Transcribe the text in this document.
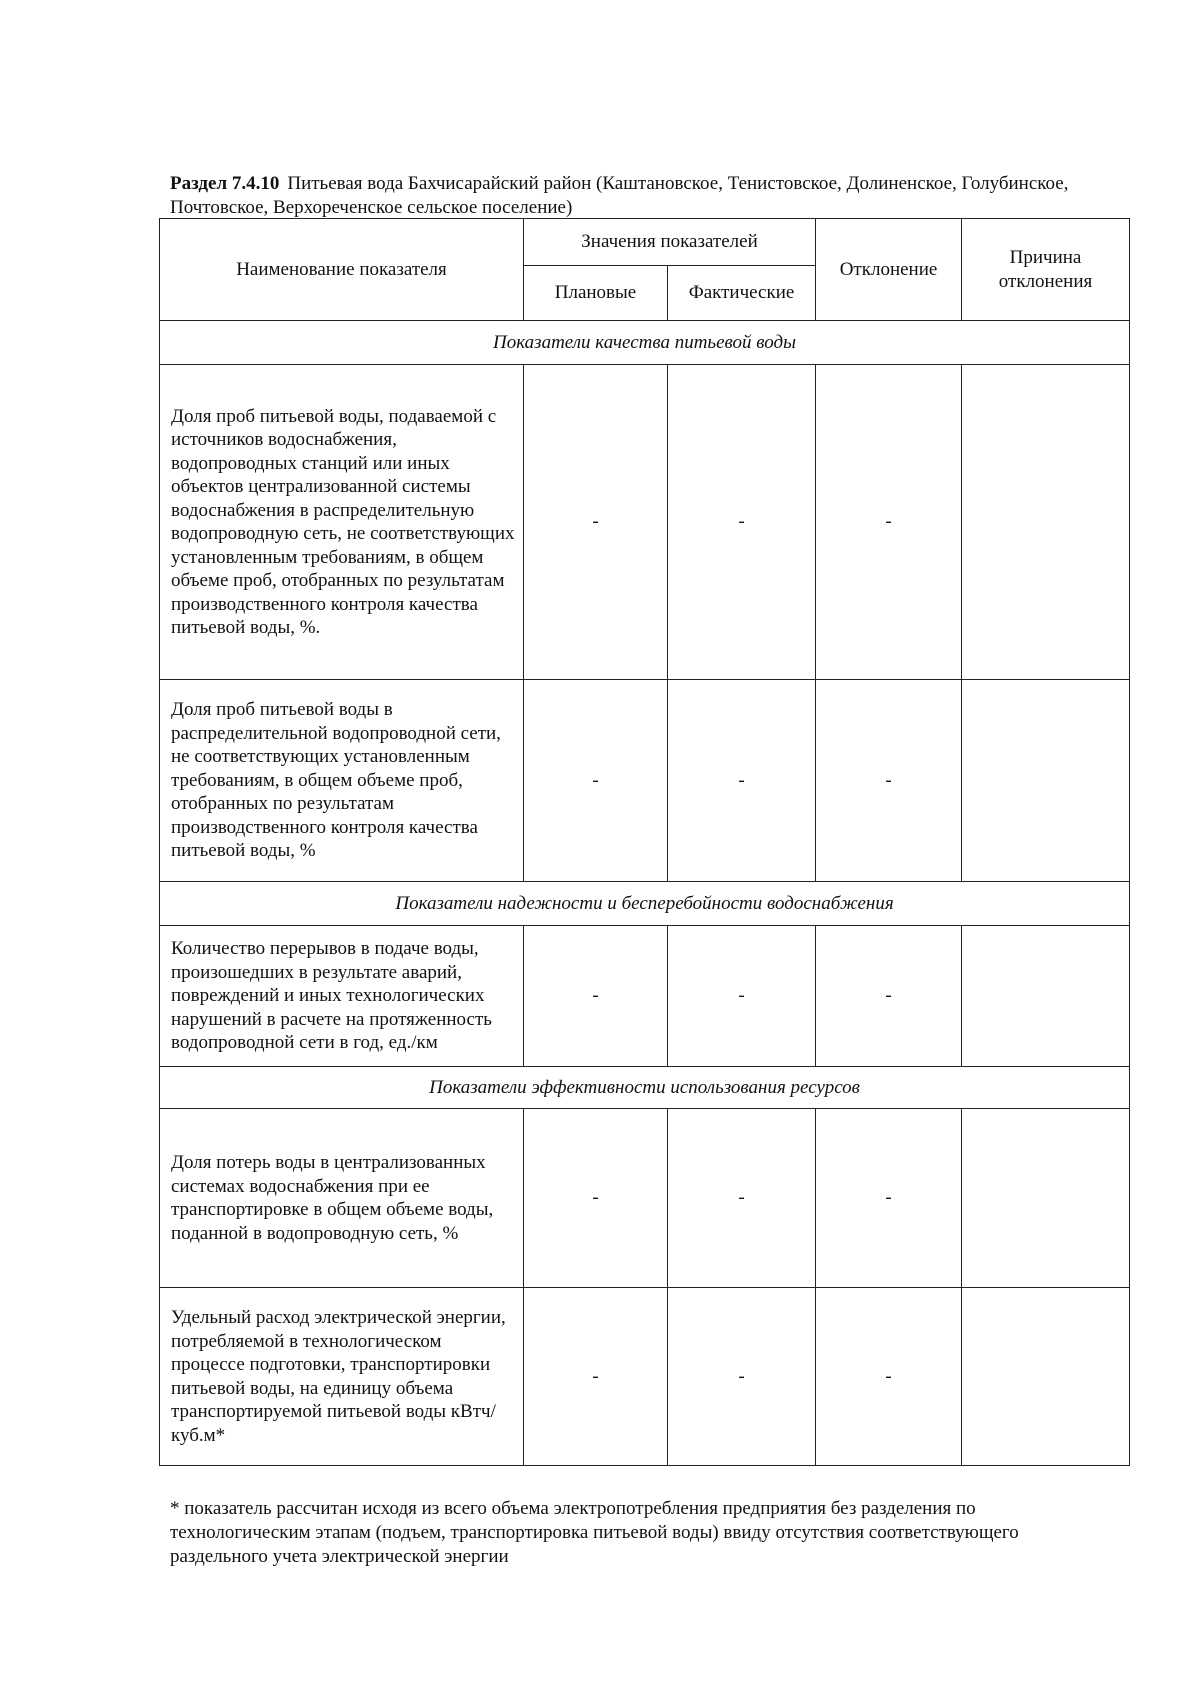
Раздел 7.4.10 Питьевая вода Бахчисарайский район (Каштановское, Тенистовское, Долиненское, Голубинское, Почтовское, Верхореченское сельское поселение)
Наименование показателя	Значения показателей		Отклонение	Причина отклонения
	Плановые	Фактические		
Показатели качества питьевой воды				
Доля проб питьевой воды, подаваемой с источников водоснабжения, водопроводных станций или иных объектов централизованной системы водоснабжения в распределительную водопроводную сеть, не соответствующих установленным требованиям, в общем объеме проб, отобранных по результатам производственного контроля качества питьевой воды, %.	-	-	-	
Доля проб питьевой воды в распределительной водопроводной сети, не соответствующих установленным требованиям, в общем объеме проб, отобранных по результатам производственного контроля качества питьевой воды, %	-	-	-	
Показатели надежности и бесперебойности водоснабжения				
Количество перерывов в подаче воды, произошедших в результате аварий, повреждений и иных технологических нарушений в расчете на протяженность водопроводной сети в год, ед./км	-	-	-	
Показатели эффективности использования ресурсов				
Доля потерь воды в централизованных системах водоснабжения при ее транспортировке в общем объеме воды, поданной в водопроводную сеть, %	-	-	-	
Удельный расход электрической энергии, потребляемой в технологическом процессе подготовки, транспортировки питьевой воды, на единицу объема транспортируемой питьевой воды кВтч/куб.м*	-	-	-	
* показатель рассчитан исходя из всего объема электропотребления предприятия без разделения по технологическим этапам (подъем, транспортировка питьевой воды) ввиду отсутствия соответствующего раздельного учета электрической энергии
